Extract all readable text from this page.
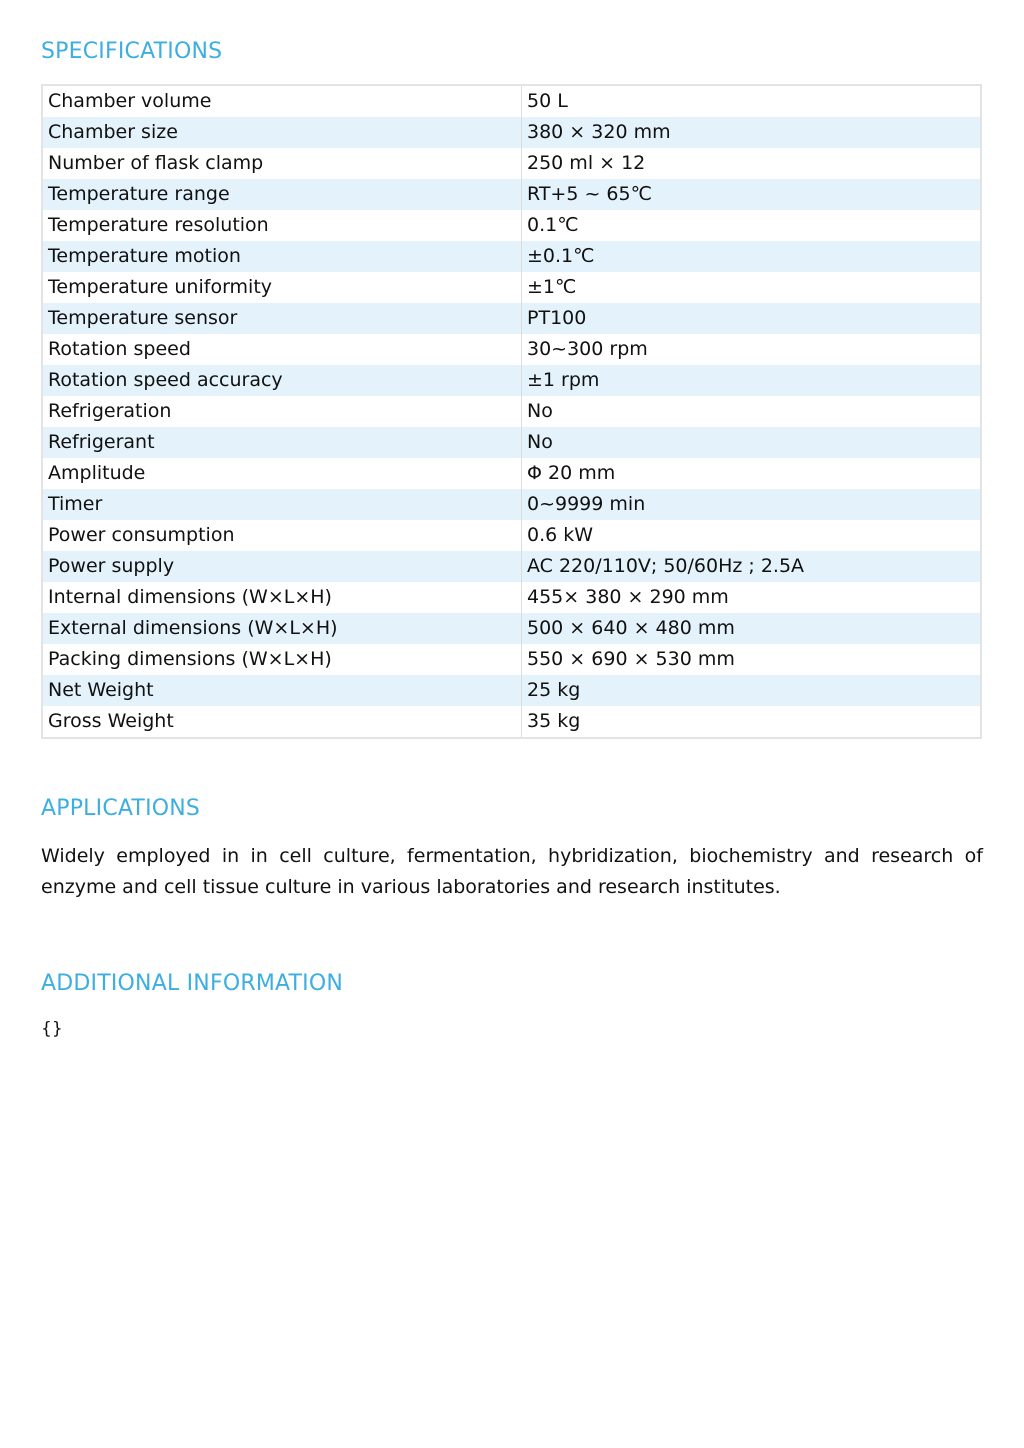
SPECIFICATIONS
Chamber volume	50 L
Chamber size	380 × 320 mm
Number of flask clamp	250 ml × 12
Temperature range	RT+5 ~ 65℃
Temperature resolution	0.1℃
Temperature motion	±0.1℃
Temperature uniformity	±1℃
Temperature sensor	PT100
Rotation speed	30~300 rpm
Rotation speed accuracy	±1 rpm
Refrigeration	No
Refrigerant	No
Amplitude	Φ 20 mm
Timer	0~9999 min
Power consumption	0.6 kW
Power supply	AC 220/110V; 50/60Hz ; 2.5A
Internal dimensions (W×L×H)	455× 380 × 290 mm
External dimensions (W×L×H)	500 × 640 × 480 mm
Packing dimensions (W×L×H)	550 × 690 × 530 mm
Net Weight	25 kg
Gross Weight	35 kg
APPLICATIONS

Widely employed in in cell culture, fermentation, hybridization, biochemistry and research of enzyme and cell tissue culture in various laboratories and research institutes.

ADDITIONAL INFORMATION

{}
